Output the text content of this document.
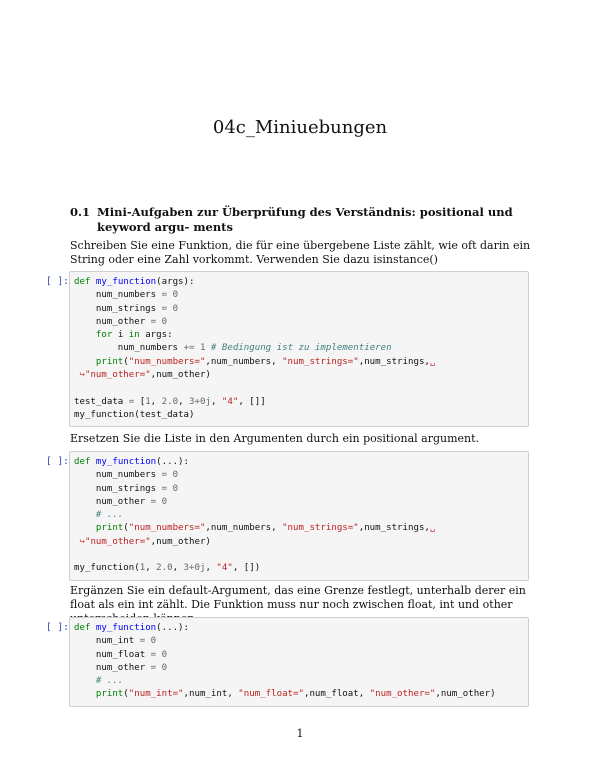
04c_Miniuebungen
0.1 Mini-Aufgaben zur Überprüfung des Verständnis: positional und keyword argu- ments
Schreiben Sie eine Funktion, die für eine übergebene Liste zählt, wie oft darin ein String oder eine Zahl vorkommt. Verwenden Sie dazu isinstance()
[ ]: def my_function(args):
num_numbers = 0
num_strings = 0
num_other = 0
for i in args:
num_numbers += 1 # Bedingung ist zu implementieren
print("num_numbers=",num_numbers, "num_strings=",num_strings,␣
↪"num_other=",num_other)

test_data = [1, 2.0, 3+0j, "4", []]
my_function(test_data)
Ersetzen Sie die Liste in den Argumenten durch ein positional argument.
[ ]: def my_function(...):
num_numbers = 0
num_strings = 0
num_other = 0
# ...
print("num_numbers=",num_numbers, "num_strings=",num_strings,␣
↪"num_other=",num_other)

my_function(1, 2.0, 3+0j, "4", [])
Ergänzen Sie ein default-Argument, das eine Grenze festlegt, unterhalb derer ein float als ein int zählt. Die Funktion muss nur noch zwischen float, int und other
[ ]: def my_function(...):
num_int = 0
num_float = 0
num_other = 0
# ...
print("num_int=",num_int, "num_float=",num_float, "num_other=",num_other)
1
